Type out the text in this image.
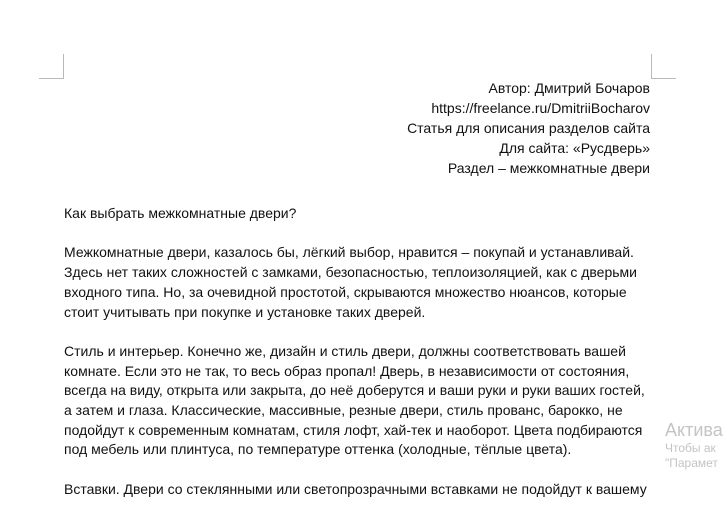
Автор: Дмитрий Бочаров
https://freelance.ru/DmitriiBocharov
Статья для описания разделов сайта
Для сайта: «Русдверь»
Раздел – межкомнатные двери

Как выбрать межкомнатные двери?

Межкомнатные двери, казалось бы, лёгкий выбор, нравится – покупай и устанавливай. Здесь нет таких сложностей с замками, безопасностью, теплоизоляцией, как с дверьми входного типа. Но, за очевидной простотой, скрываются множество нюансов, которые стоит учитывать при покупке и установке таких дверей.

Стиль и интерьер. Конечно же, дизайн и стиль двери, должны соответствовать вашей комнате. Если это не так, то весь образ пропал! Дверь, в независимости от состояния, всегда на виду, открыта или закрыта, до неё доберутся и ваши руки и руки ваших гостей, а затем и глаза. Классические, массивные, резные двери, стиль прованс, барокко, не подойдут к современным комнатам, стиля лофт, хай-тек и наоборот. Цвета подбираются под мебель или плинтуса, по температуре оттенка (холодные, тёплые цвета).

Вставки. Двери со стеклянными или светопрозрачными вставками не подойдут к вашему

Актива
Чтобы ак
"Парамет
